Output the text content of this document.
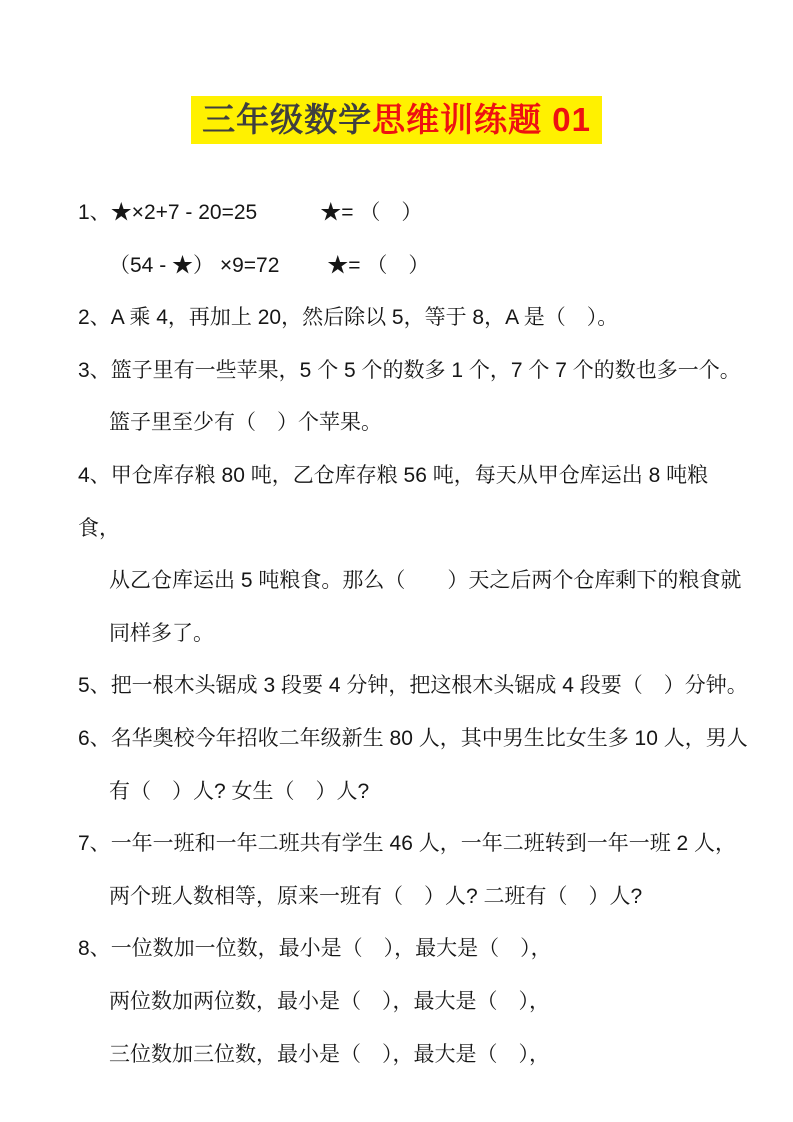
三年级数学思维训练题 01
1、★×2+7 - 20=25　　　★= （　）
（54 - ★） ×9=72　　 ★= （　）
2、A 乘 4，再加上 20，然后除以 5，等于 8，A 是（　）。
3、篮子里有一些苹果，5 个 5 个的数多 1 个，7 个 7 个的数也多一个。
篮子里至少有（　）个苹果。
4、甲仓库存粮 80 吨，乙仓库存粮 56 吨，每天从甲仓库运出 8 吨粮食，
从乙仓库运出 5 吨粮食。那么（　　）天之后两个仓库剩下的粮食就
同样多了。
5、把一根木头锯成 3 段要 4 分钟，把这根木头锯成 4 段要（　）分钟。
6、名华奥校今年招收二年级新生 80 人，其中男生比女生多 10 人，男人
有（　）人? 女生（　）人?
7、一年一班和一年二班共有学生 46 人，一年二班转到一年一班 2 人，
两个班人数相等，原来一班有（　）人? 二班有（　）人?
8、一位数加一位数，最小是（　），最大是（　），
两位数加两位数，最小是（　），最大是（　），
三位数加三位数，最小是（　），最大是（　），
